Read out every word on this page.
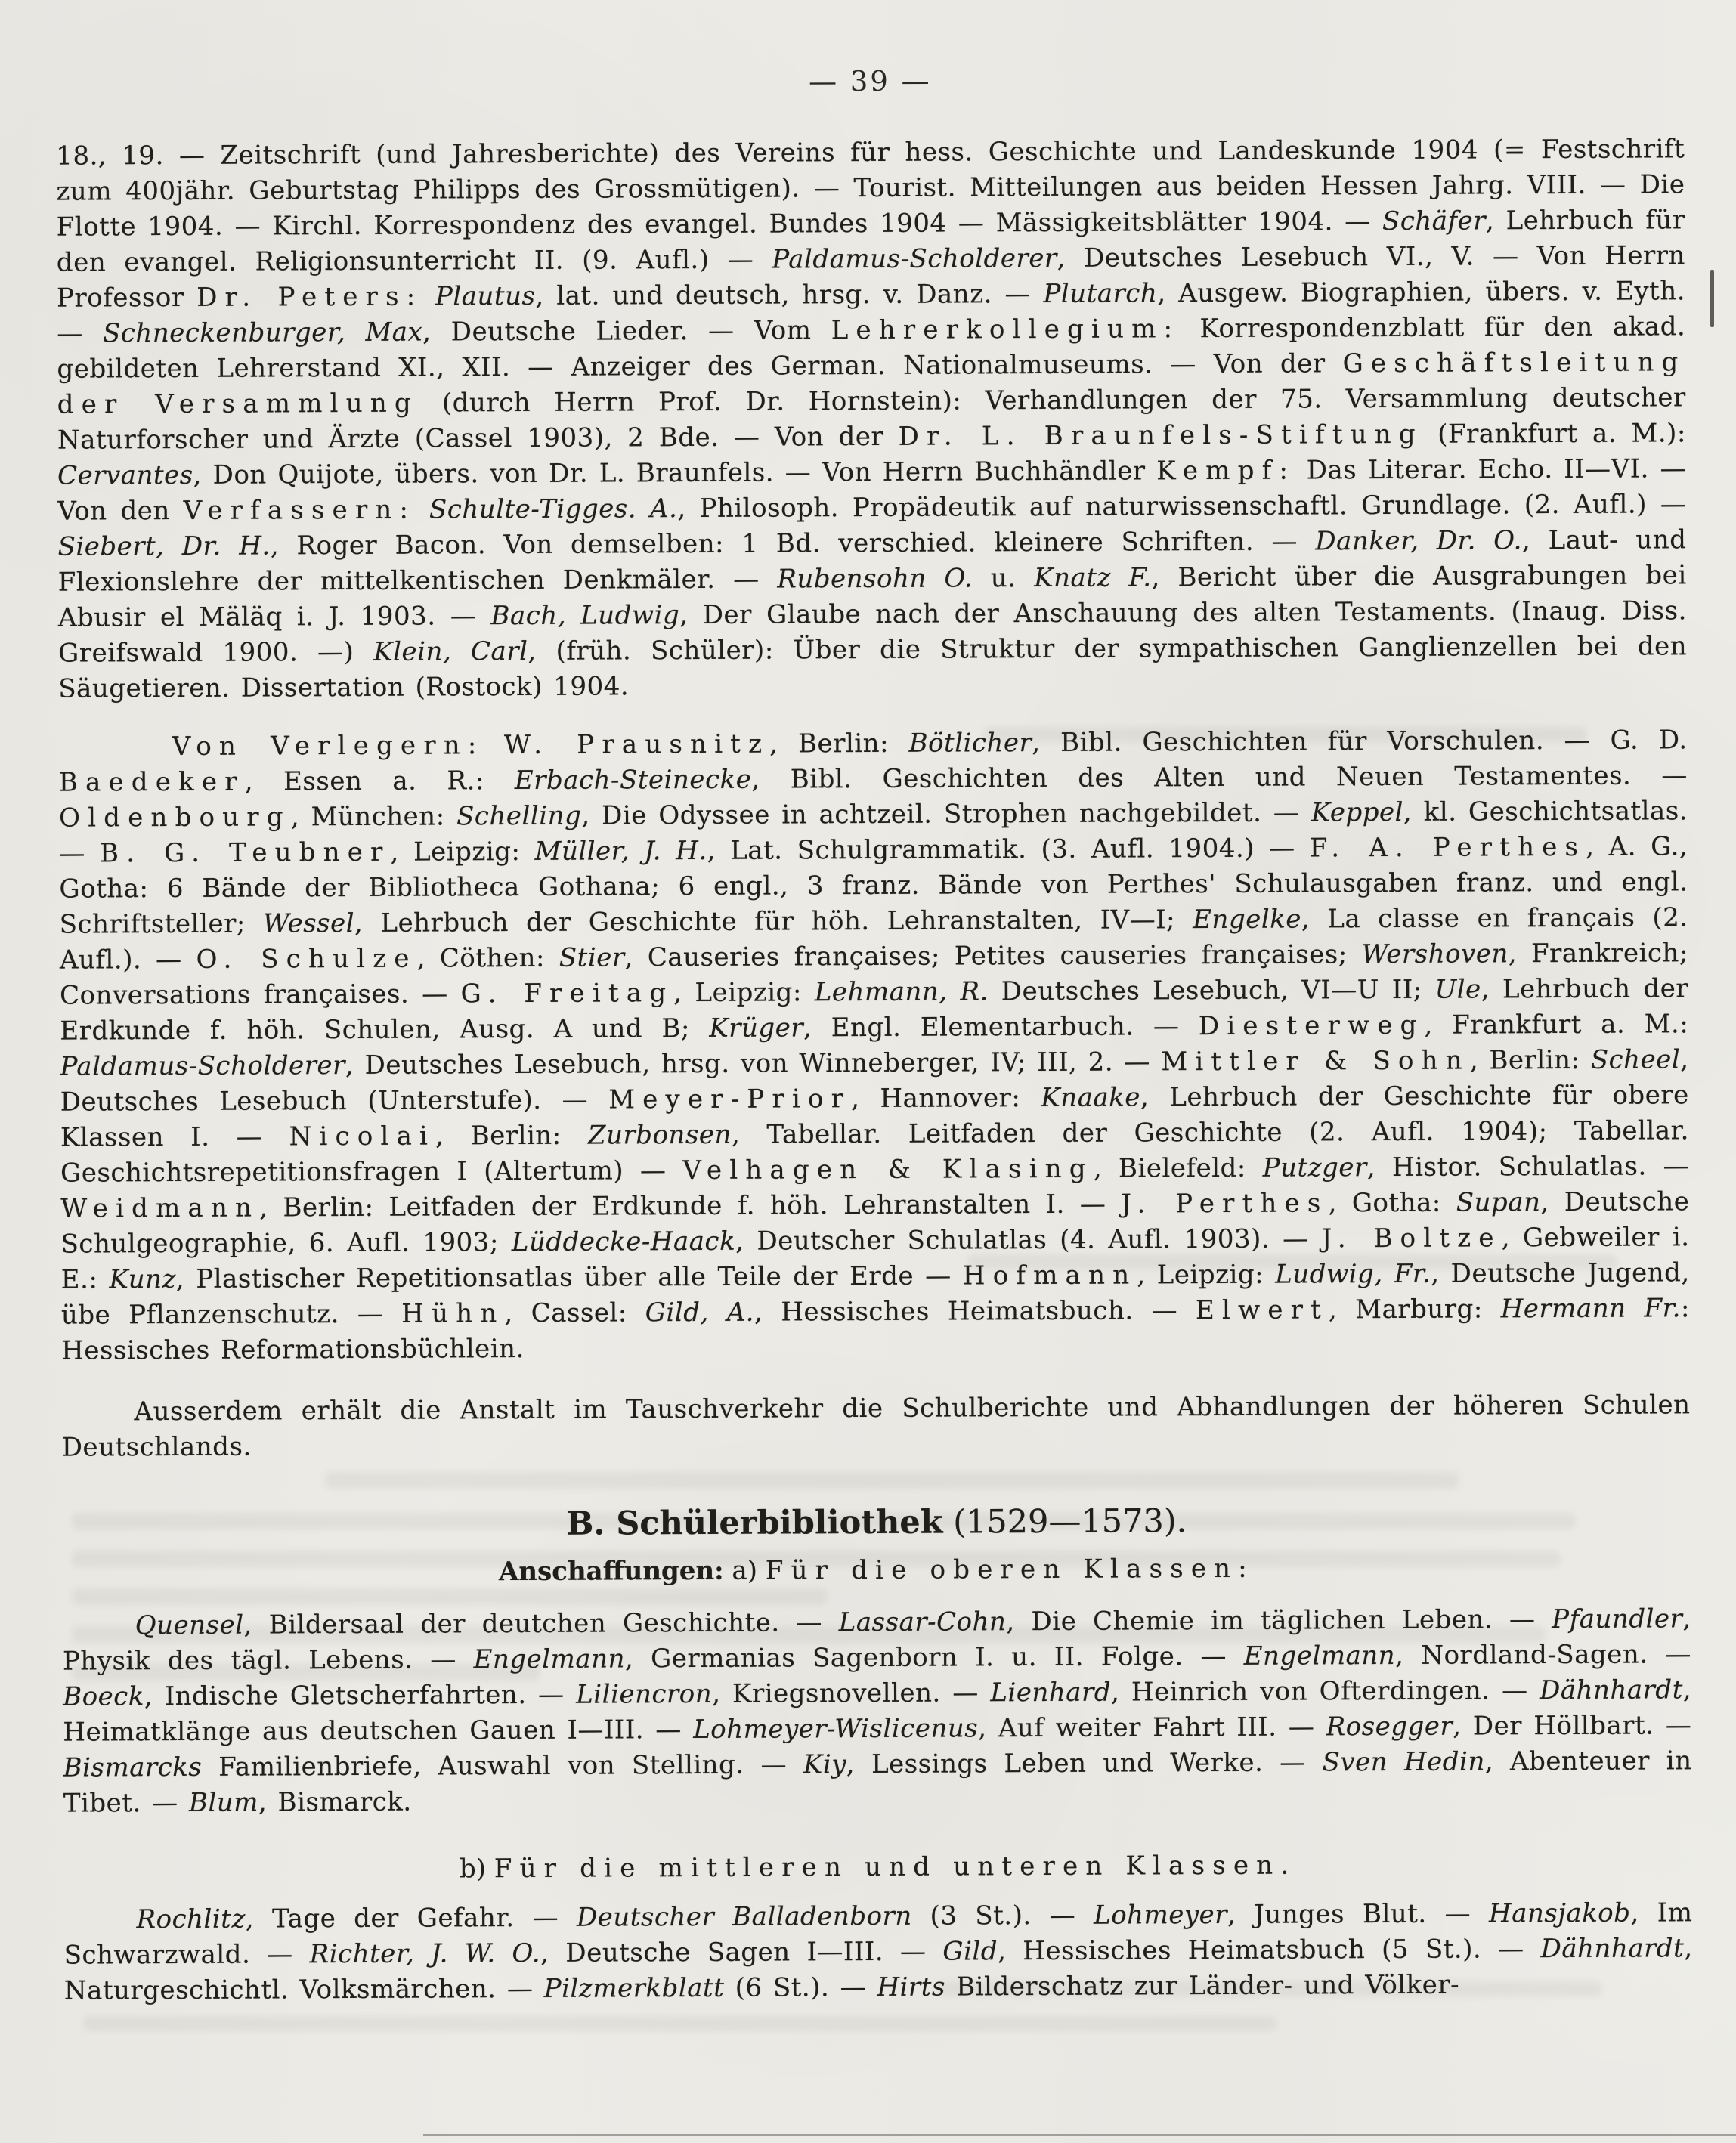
— 39 —

18., 19. — Zeitschrift (und Jahresberichte) des Vereins für hess. Geschichte und Landeskunde 1904 (= Festschrift zum 400jähr. Geburtstag Philipps des Grossmütigen). — Tourist. Mitteilungen aus beiden Hessen Jahrg. VIII. — Die Flotte 1904. — Kirchl. Korrespondenz des evangel. Bundes 1904 — Mässigkeitsblätter 1904. — Schäfer, Lehrbuch für den evangel. Religionsunterricht II. (9. Aufl.) — Paldamus-Scholderer, Deutsches Lesebuch VI., V. — Von Herrn Professor Dr. Peters: Plautus, lat. und deutsch, hrsg. v. Danz. — Plutarch, Ausgew. Biographien, übers. v. Eyth. — Schneckenburger, Max, Deutsche Lieder. — Vom Lehrerkollegium: Korrespondenzblatt für den akad. gebildeten Lehrerstand XI., XII. — Anzeiger des German. Nationalmuseums. — Von der Geschäftsleitung der Versammlung (durch Herrn Prof. Dr. Hornstein): Verhandlungen der 75. Versammlung deutscher Naturforscher und Ärzte (Cassel 1903), 2 Bde. — Von der Dr. L. Braunfels-Stiftung (Frankfurt a. M.): Cervantes, Don Quijote, übers. von Dr. L. Braunfels. — Von Herrn Buchhändler Kempf: Das Literar. Echo. II—VI. — Von den Verfassern: Schulte-Tigges. A., Philosoph. Propädeutik auf naturwissenschaftl. Grundlage. (2. Aufl.) — Siebert, Dr. H., Roger Bacon. Von demselben: 1 Bd. verschied. kleinere Schriften. — Danker, Dr. O., Laut- und Flexionslehre der mittelkentischen Denkmäler. — Rubensohn O. u. Knatz F., Bericht über die Ausgrabungen bei Abusir el Mäläq i. J. 1903. — Bach, Ludwig, Der Glaube nach der Anschauung des alten Testaments. (Inaug. Diss. Greifswald 1900. —) Klein, Carl, (früh. Schüler): Über die Struktur der sympathischen Ganglienzellen bei den Säugetieren. Dissertation (Rostock) 1904.

Von Verlegern: W. Prausnitz, Berlin: Bötlicher, Bibl. Geschichten für Vorschulen. — G. D. Baedeker, Essen a. R.: Erbach-Steinecke, Bibl. Geschichten des Alten und Neuen Testamentes. — Oldenbourg, München: Schelling, Die Odyssee in achtzeil. Strophen nachgebildet. — Keppel, kl. Geschichtsatlas. — B. G. Teubner, Leipzig: Müller, J. H., Lat. Schulgrammatik. (3. Aufl. 1904.) — F. A. Perthes, A. G., Gotha: 6 Bände der Bibliotheca Gothana; 6 engl., 3 franz. Bände von Perthes' Schulausgaben franz. und engl. Schriftsteller; Wessel, Lehrbuch der Geschichte für höh. Lehranstalten, IV—I; Engelke, La classe en français (2. Aufl.). — O. Schulze, Cöthen: Stier, Causeries françaises; Petites causeries françaises; Wershoven, Frankreich; Conversations françaises. — G. Freitag, Leipzig: Lehmann, R. Deutsches Lesebuch, VI—U II; Ule, Lehrbuch der Erdkunde f. höh. Schulen, Ausg. A und B; Krüger, Engl. Elementarbuch. — Diesterweg, Frankfurt a. M.: Paldamus-Scholderer, Deutsches Lesebuch, hrsg. von Winneberger, IV; III, 2. — Mittler & Sohn, Berlin: Scheel, Deutsches Lesebuch (Unterstufe). — Meyer-Prior, Hannover: Knaake, Lehrbuch der Geschichte für obere Klassen I. — Nicolai, Berlin: Zurbonsen, Tabellar. Leitfaden der Geschichte (2. Aufl. 1904); Tabellar. Geschichtsrepetitionsfragen I (Altertum) — Velhagen & Klasing, Bielefeld: Putzger, Histor. Schulatlas. — Weidmann, Berlin: Leitfaden der Erdkunde f. höh. Lehranstalten I. — J. Perthes, Gotha: Supan, Deutsche Schulgeographie, 6. Aufl. 1903; Lüddecke-Haack, Deutscher Schulatlas (4. Aufl. 1903). — J. Boltze, Gebweiler i. E.: Kunz, Plastischer Repetitionsatlas über alle Teile der Erde — Hofmann, Leipzig: Ludwig, Fr., Deutsche Jugend, übe Pflanzenschutz. — Hühn, Cassel: Gild, A., Hessisches Heimatsbuch. — Elwert, Marburg: Hermann Fr.: Hessisches Reformationsbüchlein.

Ausserdem erhält die Anstalt im Tauschverkehr die Schulberichte und Abhandlungen der höheren Schulen Deutschlands.

B. Schülerbibliothek (1529—1573).
Anschaffungen: a) Für die oberen Klassen:

Quensel, Bildersaal der deutchen Geschichte. — Lassar-Cohn, Die Chemie im täglichen Leben. — Pfaundler, Physik des tägl. Lebens. — Engelmann, Germanias Sagenborn I. u. II. Folge. — Engelmann, Nordland-Sagen. — Boeck, Indische Gletscherfahrten. — Liliencron, Kriegsnovellen. — Lienhard, Heinrich von Ofterdingen. — Dähnhardt, Heimatklänge aus deutschen Gauen I—III. — Lohmeyer-Wislicenus, Auf weiter Fahrt III. — Rosegger, Der Höllbart. — Bismarcks Familienbriefe, Auswahl von Stelling. — Kiy, Lessings Leben und Werke. — Sven Hedin, Abenteuer in Tibet. — Blum, Bismarck.

b) Für die mittleren und unteren Klassen.

Rochlitz, Tage der Gefahr. — Deutscher Balladenborn (3 St.). — Lohmeyer, Junges Blut. — Hansjakob, Im Schwarzwald. — Richter, J. W. O., Deutsche Sagen I—III. — Gild, Hessisches Heimatsbuch (5 St.). — Dähnhardt, Naturgeschichtl. Volksmärchen. — Pilzmerkblatt (6 St.). — Hirts Bilderschatz zur Länder- und Völker-
